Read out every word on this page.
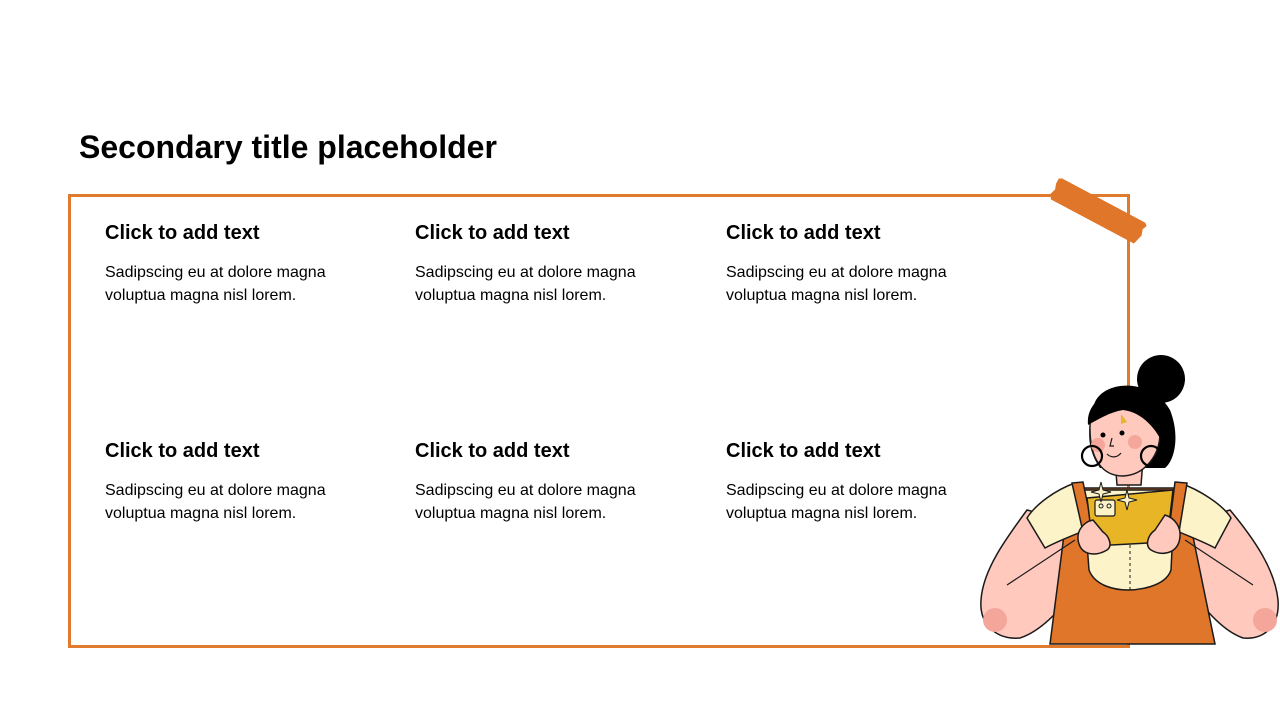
Secondary title placeholder
Click to add text
Sadipscing eu at dolore magna voluptua magna nisl lorem.
Click to add text
Sadipscing eu at dolore magna voluptua magna nisl lorem.
Click to add text
Sadipscing eu at dolore magna voluptua magna nisl lorem.
Click to add text
Sadipscing eu at dolore magna voluptua magna nisl lorem.
Click to add text
Sadipscing eu at dolore magna voluptua magna nisl lorem.
Click to add text
Sadipscing eu at dolore magna voluptua magna nisl lorem.
